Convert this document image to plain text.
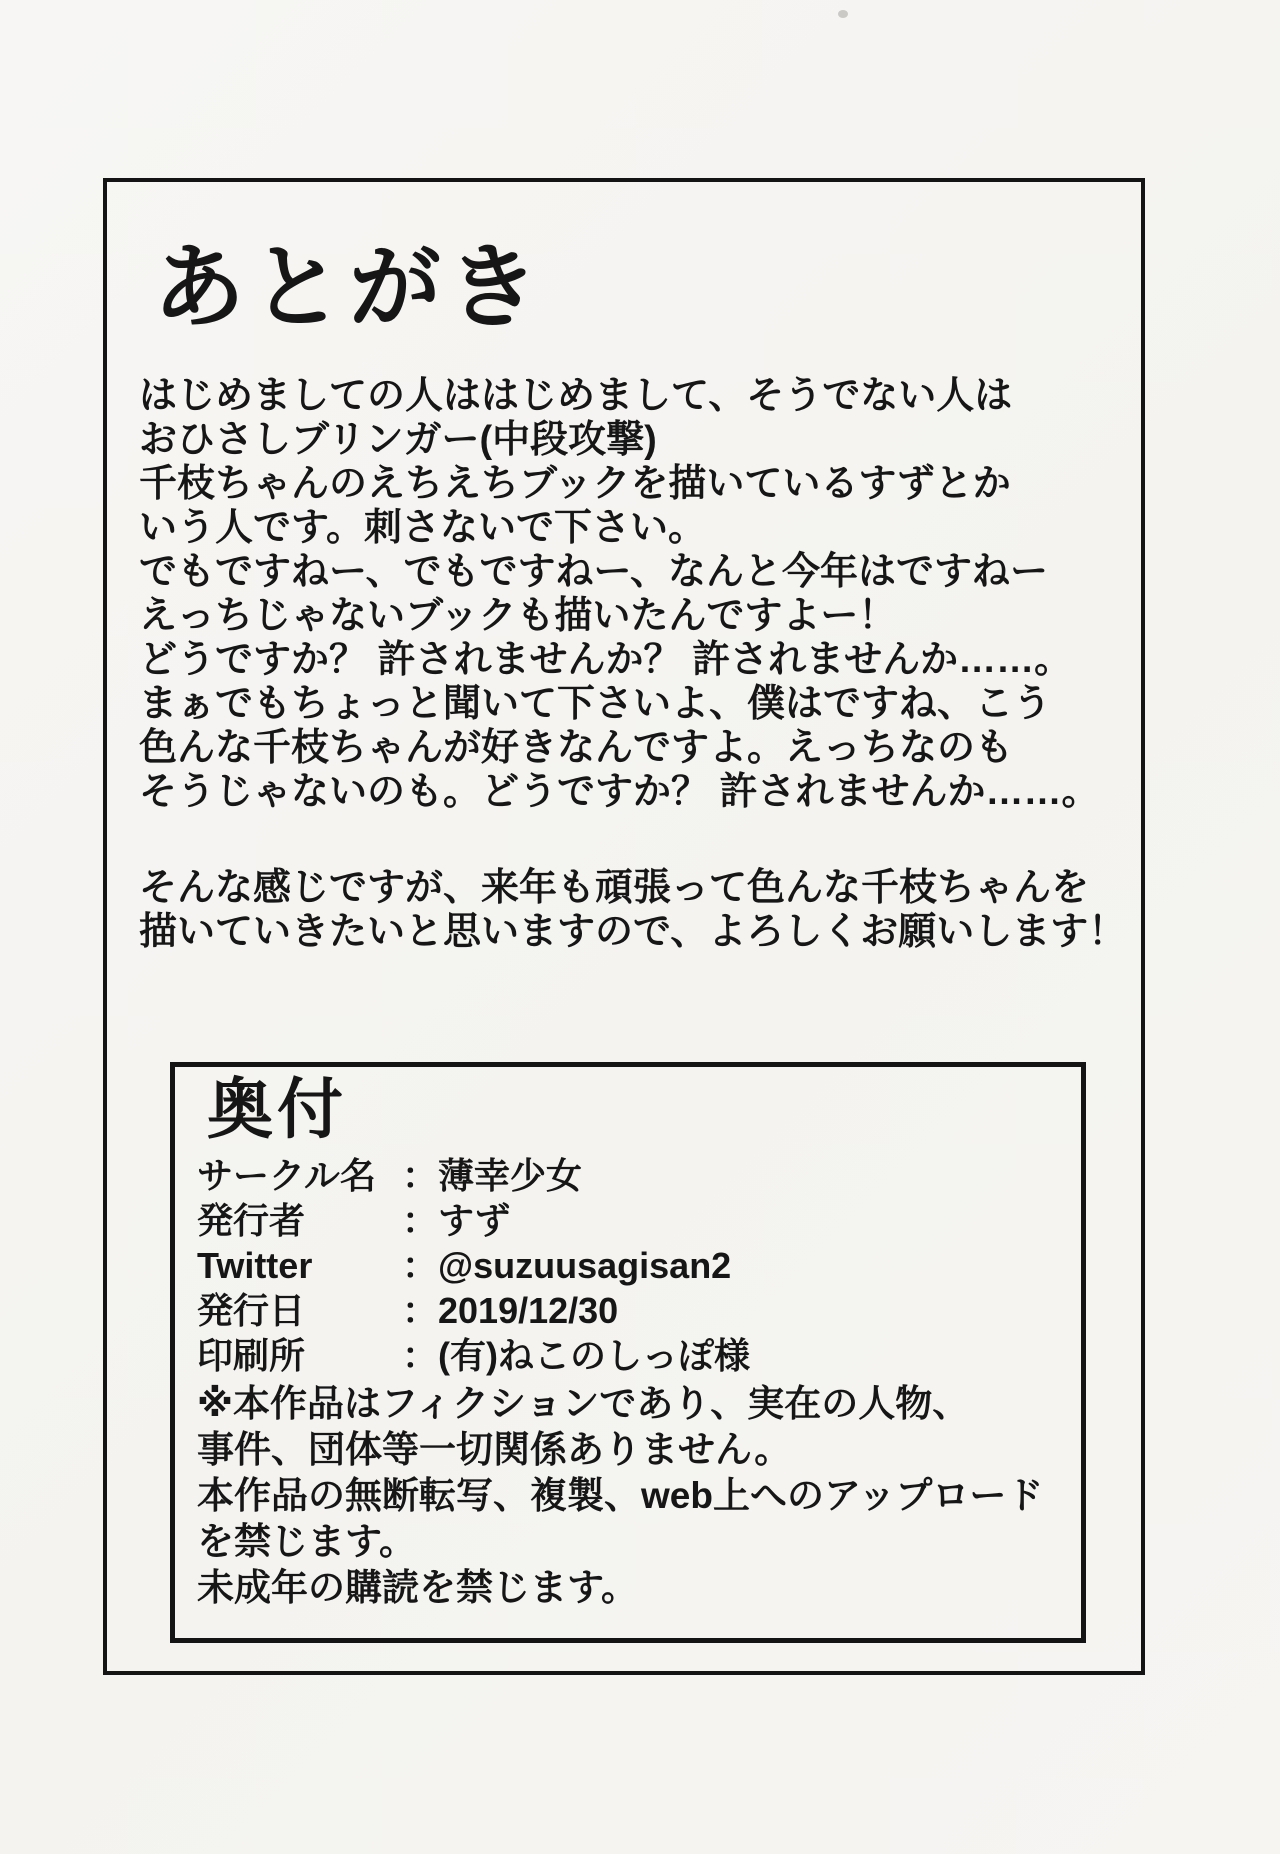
あとがき
はじめましての人ははじめまして、そうでない人は
おひさしブリンガー(中段攻撃)
千枝ちゃんのえちえちブックを描いているすずとか
いう人です。刺さないで下さい。
でもですねー、でもですねー、なんと今年はですねー
えっちじゃないブックも描いたんですよー！
どうですか？ 許されませんか？ 許されませんか……。
まぁでもちょっと聞いて下さいよ、僕はですね、こう
色んな千枝ちゃんが好きなんですよ。えっちなのも
そうじゃないのも。どうですか？ 許されませんか……。
そんな感じですが、来年も頑張って色んな千枝ちゃんを
描いていきたいと思いますので、よろしくお願いします！
奥付
サークル名 ： 薄幸少女
発行者	： すず
Twitter	： @suzuusagisan2
発行日	： 2019/12/30
印刷所	： (有)ねこのしっぽ様
※本作品はフィクションであり、実在の人物、
事件、団体等一切関係ありません。
本作品の無断転写、複製、web上へのアップロード
を禁じます。
未成年の購読を禁じます。
